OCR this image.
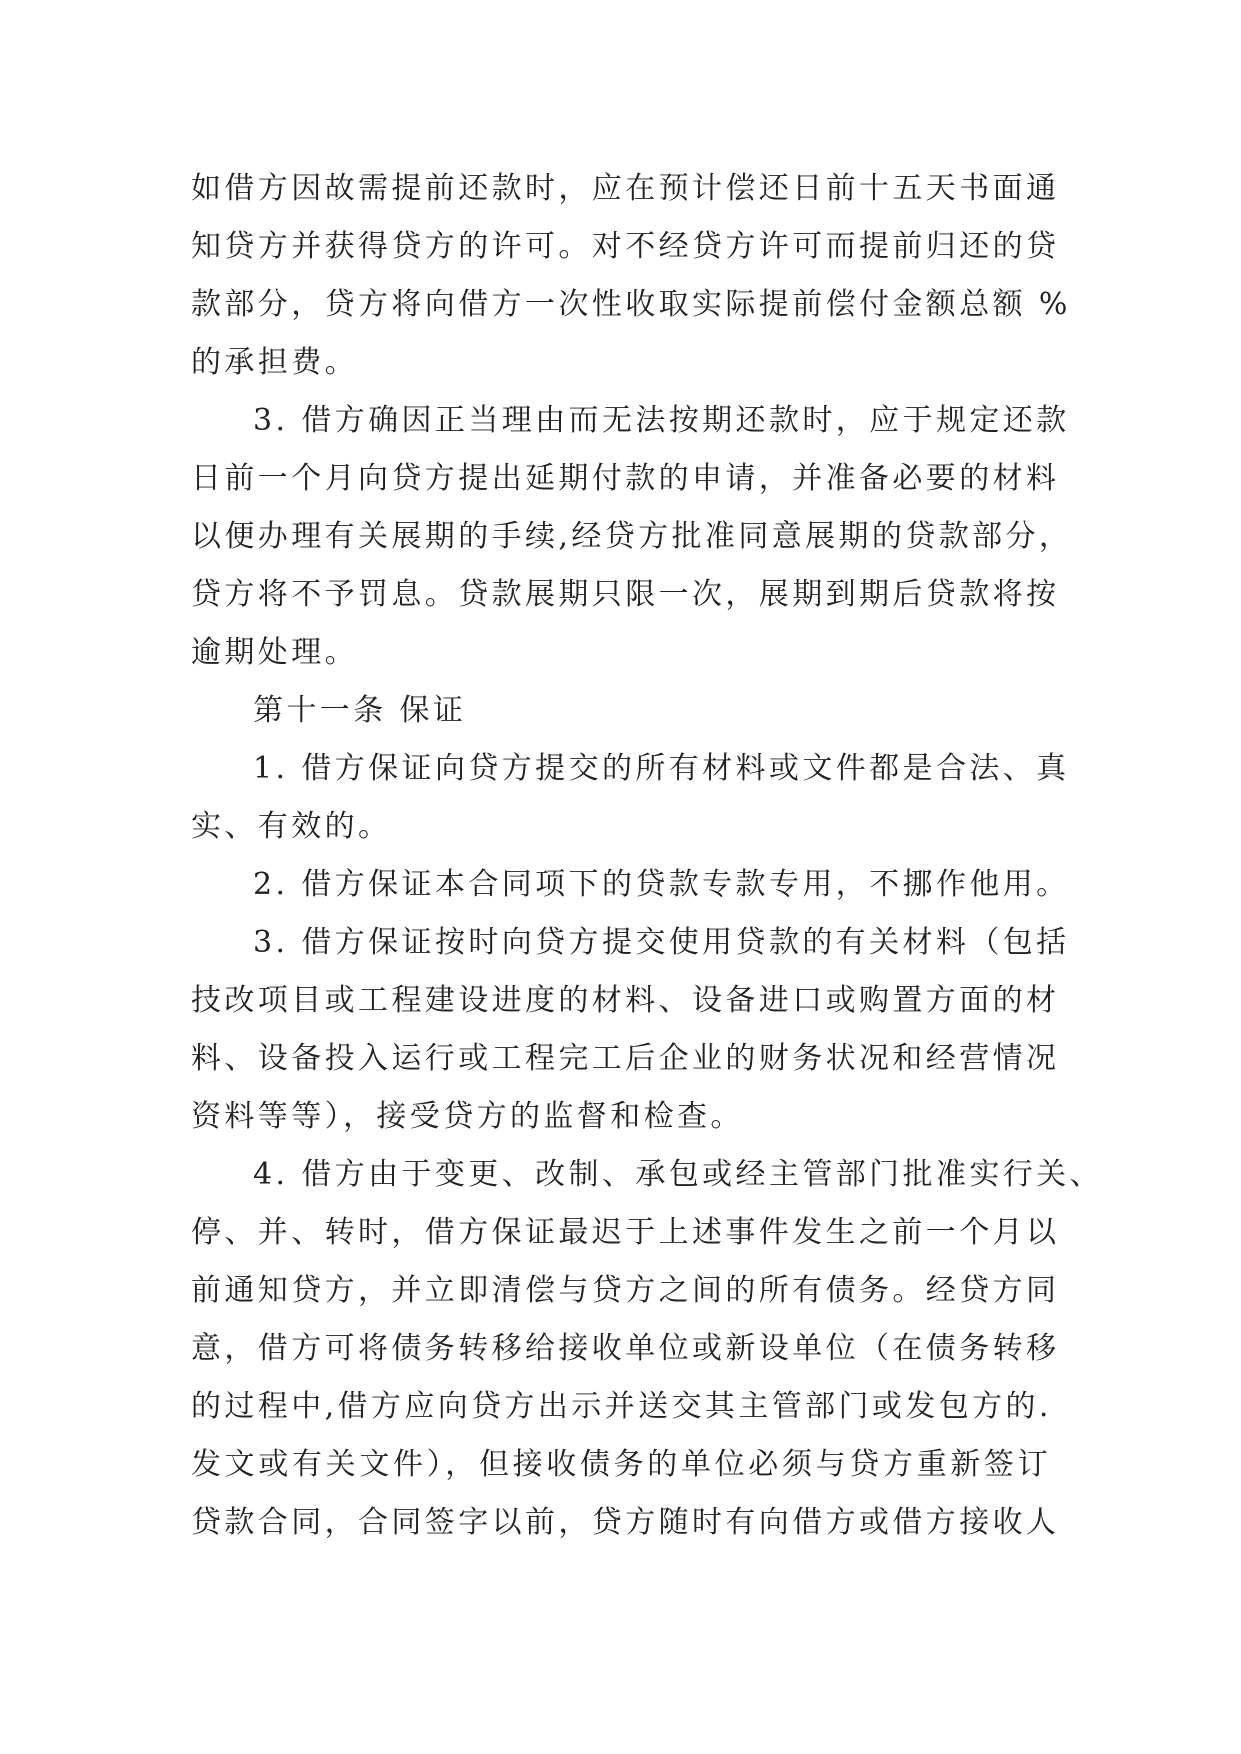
如借方因故需提前还款时，应在预计偿还日前十五天书面通
知贷方并获得贷方的许可。对不经贷方许可而提前归还的贷
款部分，贷方将向借方一次性收取实际提前偿付金额总额 %
的承担费。
3. 借方确因正当理由而无法按期还款时，应于规定还款
日前一个月向贷方提出延期付款的申请，并准备必要的材料
以便办理有关展期的手续,经贷方批准同意展期的贷款部分，
贷方将不予罚息。贷款展期只限一次，展期到期后贷款将按
逾期处理。
第十一条 保证
1. 借方保证向贷方提交的所有材料或文件都是合法、真
实、有效的。
2. 借方保证本合同项下的贷款专款专用，不挪作他用。
3. 借方保证按时向贷方提交使用贷款的有关材料（包括
技改项目或工程建设进度的材料、设备进口或购置方面的材
料、设备投入运行或工程完工后企业的财务状况和经营情况
资料等等），接受贷方的监督和检查。
4. 借方由于变更、改制、承包或经主管部门批准实行关、
停、并、转时，借方保证最迟于上述事件发生之前一个月以
前通知贷方，并立即清偿与贷方之间的所有债务。经贷方同
意，借方可将债务转移给接收单位或新设单位（在债务转移
的过程中,借方应向贷方出示并送交其主管部门或发包方的.
发文或有关文件），但接收债务的单位必须与贷方重新签订
贷款合同，合同签字以前，贷方随时有向借方或借方接收人
